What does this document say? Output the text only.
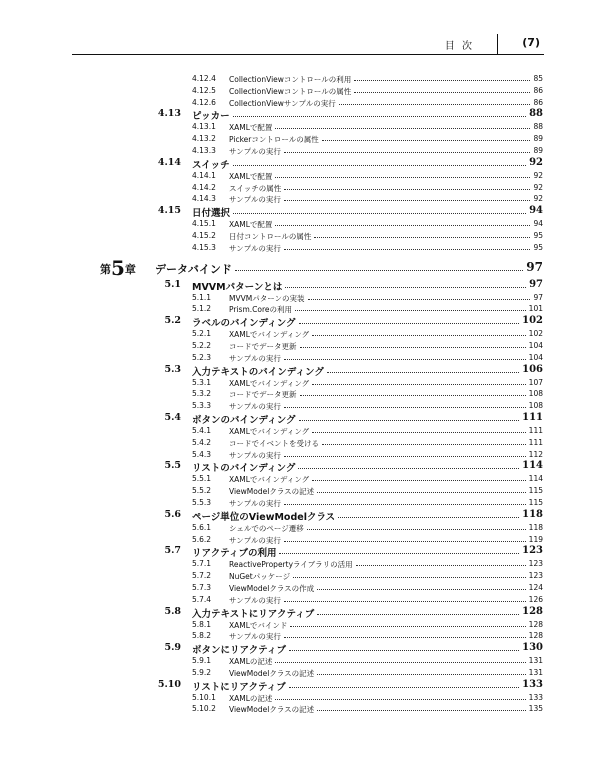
目 次	(7)
4.12.4 CollectionViewコントロールの利用	85
4.12.5 CollectionViewコントロールの属性	86
4.12.6 CollectionViewサンプルの実行	86
4.13 ピッカー	88
4.13.1 XAMLで配置	88
4.13.2 Pickerコントロールの属性	89
4.13.3 サンプルの実行	89
4.14 スイッチ	92
4.14.1 XAMLで配置	92
4.14.2 スイッチの属性	92
4.14.3 サンプルの実行	92
4.15 日付選択	94
4.15.1 XAMLで配置	94
4.15.2 日付コントロールの属性	95
4.15.3 サンプルの実行	95
第5章 データバインド	97
5.1 MVVMパターンとは	97
5.1.1 MVVMパターンの実装	97
5.1.2 Prism.Coreの利用	101
5.2 ラベルのバインディング	102
5.2.1 XAMLでバインディング	102
5.2.2 コードでデータ更新	104
5.2.3 サンプルの実行	104
5.3 入力テキストのバインディング	106
5.3.1 XAMLでバインディング	107
5.3.2 コードでデータ更新	108
5.3.3 サンプルの実行	108
5.4 ボタンのバインディング	111
5.4.1 XAMLでバインディング	111
5.4.2 コードでイベントを受ける	111
5.4.3 サンプルの実行	112
5.5 リストのバインディング	114
5.5.1 XAMLでバインディング	114
5.5.2 ViewModelクラスの記述	115
5.5.3 サンプルの実行	115
5.6 ページ単位のViewModelクラス	118
5.6.1 シェルでのページ遷移	118
5.6.2 サンプルの実行	119
5.7 リアクティブの利用	123
5.7.1 ReactivePropertyライブラリの活用	123
5.7.2 NuGetパッケージ	123
5.7.3 ViewModelクラスの作成	124
5.7.4 サンプルの実行	126
5.8 入力テキストにリアクティブ	128
5.8.1 XAMLでバインド	128
5.8.2 サンプルの実行	128
5.9 ボタンにリアクティブ	130
5.9.1 XAMLの記述	131
5.9.2 ViewModelクラスの記述	131
5.10 リストにリアクティブ	133
5.10.1 XAMLの記述	133
5.10.2 ViewModelクラスの記述	135
